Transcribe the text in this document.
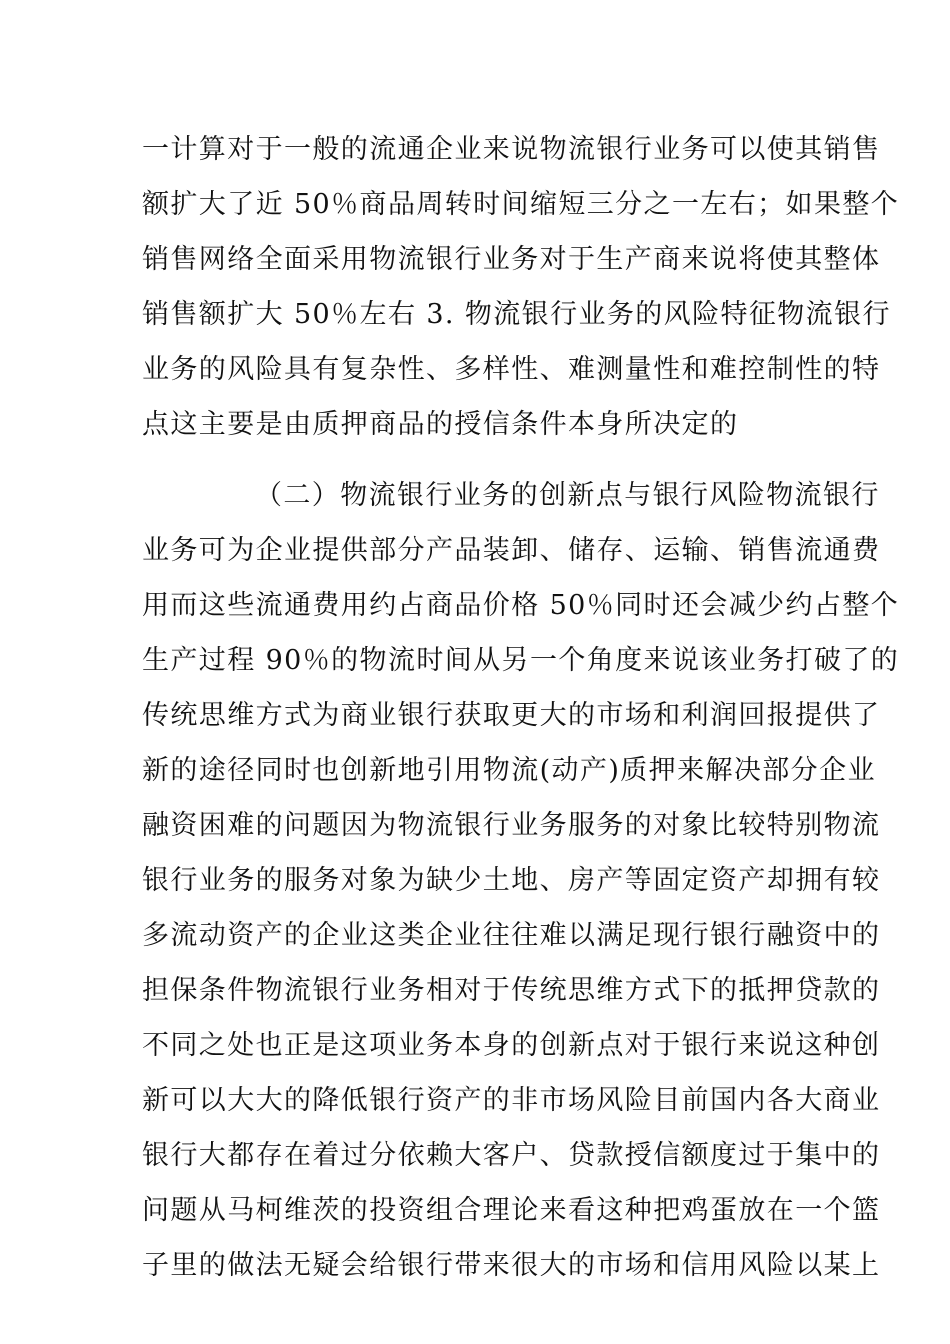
一计算对于一般的流通企业来说物流银行业务可以使其销售
额扩大了近 50％商品周转时间缩短三分之一左右；如果整个
销售网络全面采用物流银行业务对于生产商来说将使其整体
销售额扩大 50％左右 3. 物流银行业务的风险特征物流银行
业务的风险具有复杂性、多样性、难测量性和难控制性的特
点这主要是由质押商品的授信条件本身所决定的
（二）物流银行业务的创新点与银行风险物流银行
业务可为企业提供部分产品装卸、储存、运输、销售流通费
用而这些流通费用约占商品价格 50％同时还会减少约占整个
生产过程 90％的物流时间从另一个角度来说该业务打破了的
传统思维方式为商业银行获取更大的市场和利润回报提供了
新的途径同时也创新地引用物流(动产)质押来解决部分企业
融资困难的问题因为物流银行业务服务的对象比较特别物流
银行业务的服务对象为缺少土地、房产等固定资产却拥有较
多流动资产的企业这类企业往往难以满足现行银行融资中的
担保条件物流银行业务相对于传统思维方式下的抵押贷款的
不同之处也正是这项业务本身的创新点对于银行来说这种创
新可以大大的降低银行资产的非市场风险目前国内各大商业
银行大都存在着过分依赖大客户、贷款授信额度过于集中的
问题从马柯维茨的投资组合理论来看这种把鸡蛋放在一个篮
子里的做法无疑会给银行带来很大的市场和信用风险以某上
